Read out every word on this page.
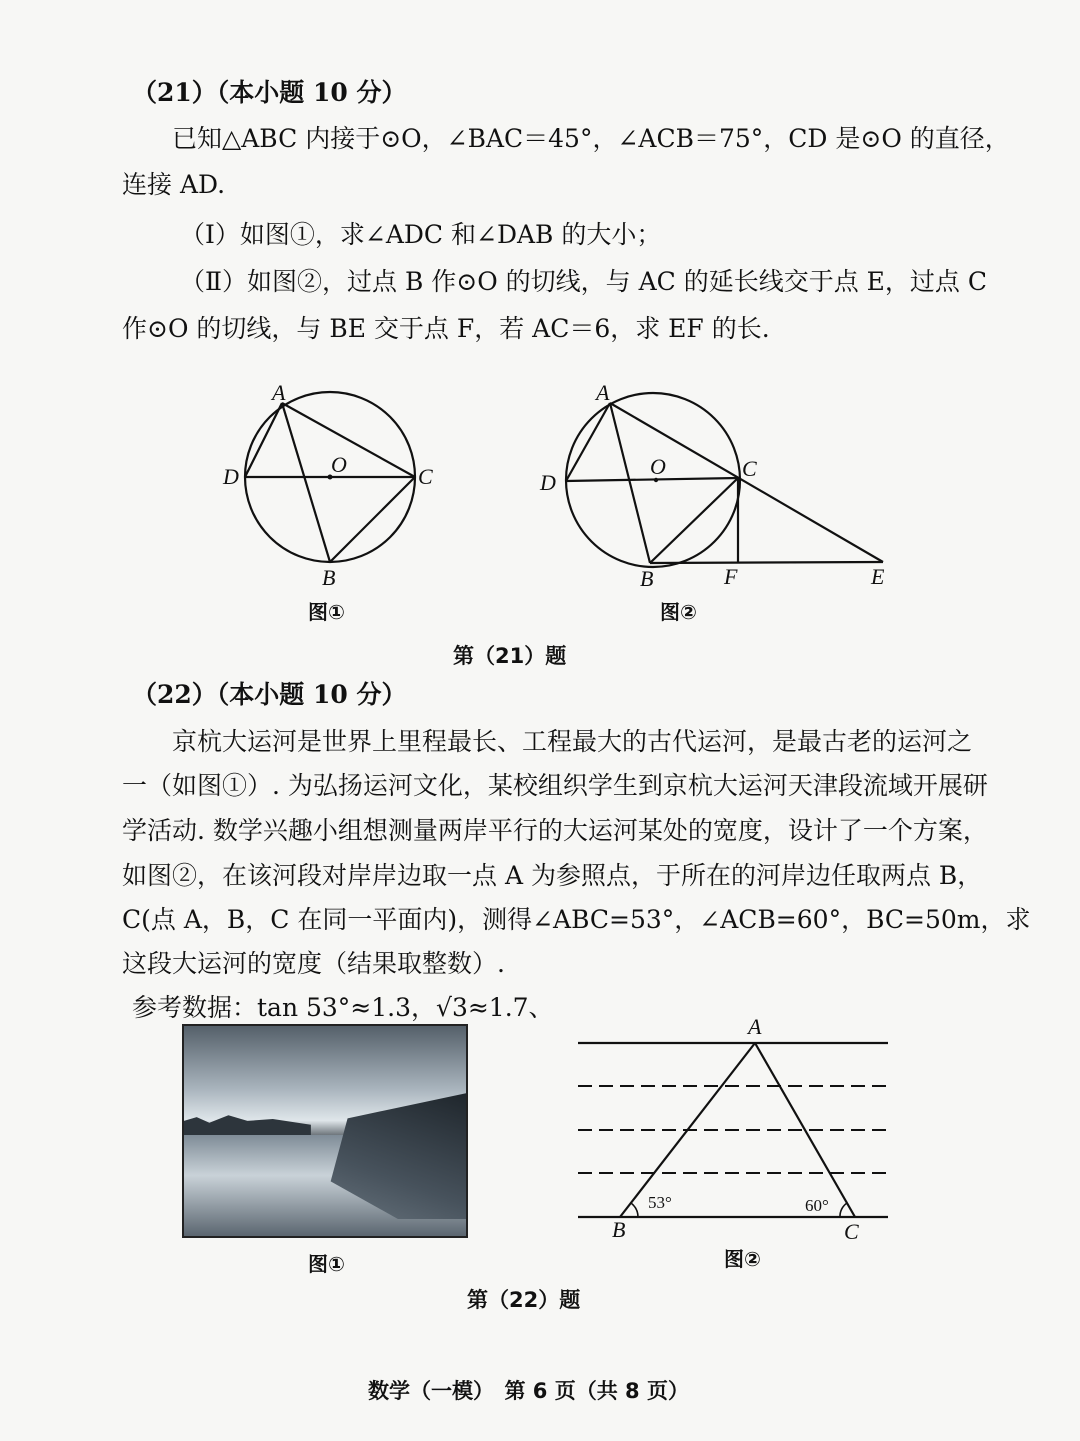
（21）（本小题 10 分）
已知△ABC 内接于⊙O，∠BAC＝45°，∠ACB＝75°，CD 是⊙O 的直径，
连接 AD.
（Ⅰ）如图①，求∠ADC 和∠DAB 的大小；
（Ⅱ）如图②，过点 B 作⊙O 的切线，与 AC 的延长线交于点 E，过点 C
作⊙O 的切线，与 BE 交于点 F，若 AC＝6，求 EF 的长.
A
D	O	C
B
图①
A
D
O	C
B	F	E
图②
第（21）题
（22）（本小题 10 分）
京杭大运河是世界上里程最长、工程最大的古代运河，是最古老的运河之
一（如图①）. 为弘扬运河文化，某校组织学生到京杭大运河天津段流域开展研
学活动. 数学兴趣小组想测量两岸平行的大运河某处的宽度，设计了一个方案，
如图②，在该河段对岸岸边取一点 A 为参照点，于所在的河岸边任取两点 B，
C(点 A，B，C 在同一平面内)，测得∠ABC=53°，∠ACB=60°，BC=50m，求
这段大运河的宽度（结果取整数）.
参考数据：tan 53°≈1.3，√3≈1.7、
图①
A
B	C
53°	60°
图②
第（22）题
数学（一模）　第 6 页（共 8 页）
